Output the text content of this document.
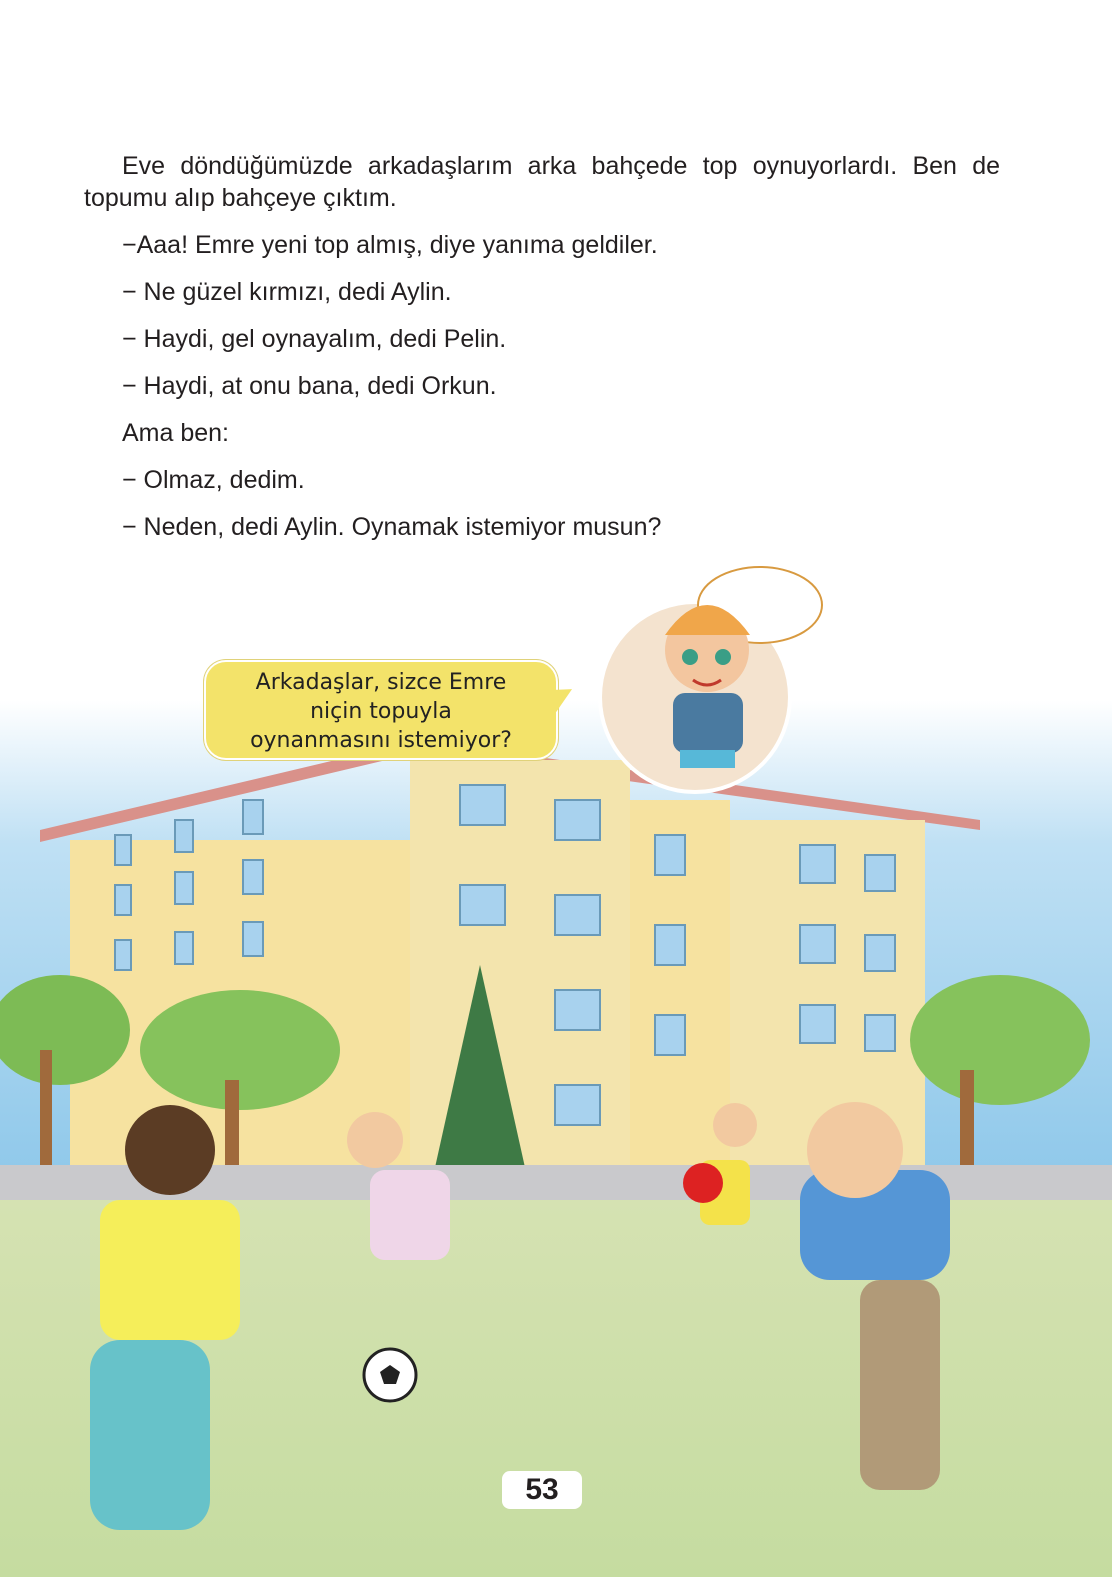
Eve döndüğümüzde arkadaşlarım arka bahçede top oynuyorlardı. Ben de topumu alıp bahçeye çıktım.

−Aaa! Emre yeni top almış, diye yanıma geldiler.

− Ne güzel kırmızı, dedi Aylin.

− Haydi, gel oynayalım, dedi Pelin.

− Haydi, at onu bana, dedi Orkun.

Ama ben:

− Olmaz, dedim.

− Neden, dedi Aylin. Oynamak istemiyor musun?

Arkadaşlar, sizce Emre
niçin topuyla
oynanmasını istemiyor?
53
